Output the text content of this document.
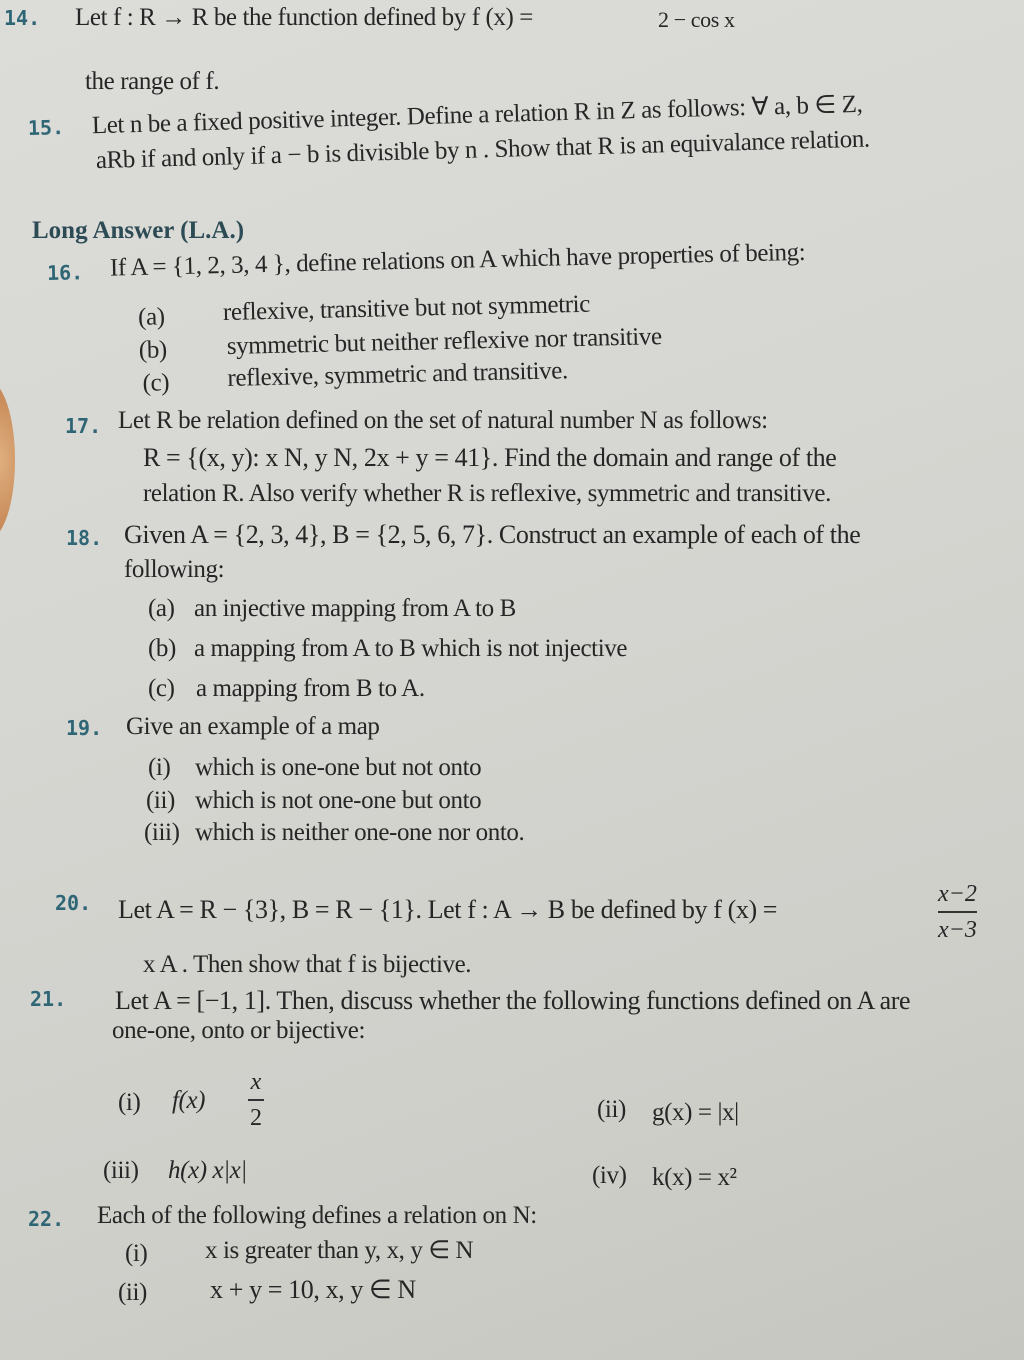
14. Let f : R → R be the function defined by f (x) =	2 − cos x
the range of f.
15. Let n be a fixed positive integer. Define a relation R in Z as follows: ∀ a, b ∈ Z,
aRb if and only if a − b is divisible by n . Show that R is an equivalance relation.
Long Answer (L.A.)
16. If A = {1, 2, 3, 4 }, define relations on A which have properties of being:
(a) reflexive, transitive but not symmetric
(b) symmetric but neither reflexive nor transitive
(c) reflexive, symmetric and transitive.
17. Let R be relation defined on the set of natural number N as follows:
R = {(x, y): x N, y N, 2x + y = 41}. Find the domain and range of the
relation R. Also verify whether R is reflexive, symmetric and transitive.
18. Given A = {2, 3, 4}, B = {2, 5, 6, 7}. Construct an example of each of the
following:
(a) an injective mapping from A to B
(b) a mapping from A to B which is not injective
(c) a mapping from B to A.
19. Give an example of a map
(i) which is one-one but not onto
(ii) which is not one-one but onto
(iii) which is neither one-one nor onto.
20. Let A = R − {3}, B = R − {1}. Let f : A → B be defined by f (x) =
x−2
x−3
x A . Then show that f is bijective.
21. Let A = [−1, 1]. Then, discuss whether the following functions defined on A are
one-one, onto or bijective:
(i) f(x)
x
2	(ii) g(x) = |x|
(iii) h(x) x|x|	(iv) k(x) = x²
22. Each of the following defines a relation on N:
(i) x is greater than y, x, y ∈ N
(ii) x + y = 10, x, y ∈ N
